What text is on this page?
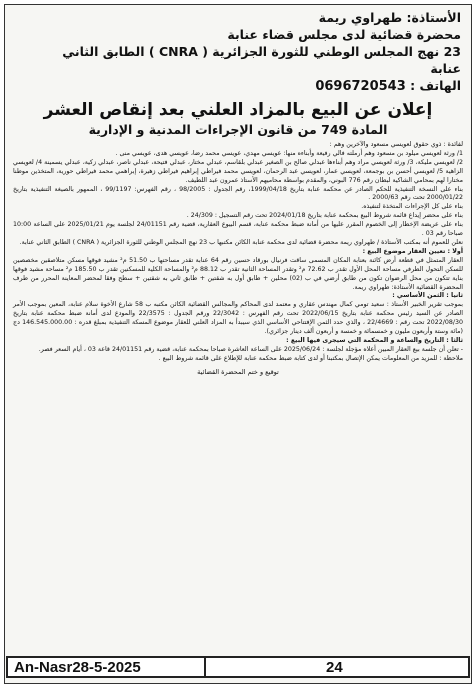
الأستاذة: طهراوي ريمة
محضرة قضائية لدى مجلس قضاء عنابة
23 نهج المجلس الوطني للثورة الجزائرية ( CNRA ) الطابق الثاني
عنابة
الهاتف : 0696720543
إعلان عن البيع بالمزاد العلني بعد إنقاص العشر
المادة 749 من قانون الإجراءات المدنية و الإدارية

لفائدة : ذوي حقوق لعويسي مسعود والآخرين وهم :

1/ ورثة لعويسي ميلود بن مسعود وهم أرملته فالي رفيعة وأبناءه منها: عويسي مهدي، عويسي محمد رضا، عويسي هدى، عويسي منى .

2/ لعويسي مليكة، 3/ ورثة لعويسي مراد وهم أبناءها عبدلي صالح بن الصغير عبدلي بلقاسم، عبدلي مختار، عبدلي فتيحة، عبدلي ناصر، عبدلي زكية، عبدلي يسمينة 4/ لعويسي الزاهية 5/ لعويسي أحسن بن بوجمعة، لعويسي عمار، لعويسي عبد الرحمان، لعويسي محمد فيراطي إبراهيم فيراطي زهيرة، إبراهمي محمد فيراطي حورية، المتخذين موطنا مختارا لهم بمحامي الشاكية لبطان رقم 776 البوني، والمقدم بواسطة محاميهم الأستاذ عمرون عبد اللطيف.

بناء على النسخة التنفيذية للحكم الصادر عن محكمة عنابة بتاريخ 1999/04/18، رقم الجدول : 98/2005 ، رقم الفهرس: 99/1197 ، الممهور بالصيغة التنفيذية بتاريخ 2000/01/22 تحت رقم 2000/63 .

بناء على كل الإجراءات المتخذة لتنفيذه.

بناء على محضر إيداع قائمة شروط البيع بمحكمة عنابة بتاريخ 2024/01/18 تحت رقم التسجيل : 24/309 .

بناء على عريضة الإخطار إلى الخصوم المقرر عليها من أمانة ضبط محكمة عنابة، قسم البيوع العقارية، قضية رقم 24/01151 لجلسة يوم 2025/01/21 على الساعة 10:00 صباحا رقم 03 .

نعلن للعموم أنه بمكتب الأستاذة / طهراوي ريمة محضرة قضائية لدى محكمة عنابة الكائن مكتبها ب 23 نهج المجلس الوطني للثورة الجزائرية ( CNRA ) الطابق الثاني عنابة.

أولا : تعيين العقار موضوع البيع :

العقار المتمثل في قطعة أرض كائنة بعنابة المكان المسمى ساقت فرنيال بورقاد حسين رقم 64 عنابة تقدر مساحتها ب 51.50 م² مشيد فوقها مسكن متلاصقين مخصصين للسكن التحول الطرفي مساحة المحل الأول تقدر ب 72.62 م² وتقدر المساحة الثانية تقدر ب 88.12 م² والمساحة الكلية للمسكنين تقدر ب 185.50 م² مساحة مشيد فوقها بناية تتكون من محل الرضوان تكون من طابق أرضي في ب (02) محلين + طابق أول به شقتين + طابق ثاني به شقتين + سطح وفقا لمحضر المعاينة المحرر من طرف المحضرة القضائية الأستاذة: طهراوي ريمة.

ثانيا : الثمن الأساسي :

بموجب تقرير الخبير الأستاذ : سعيد تومي كمال مهندس عقاري و معتمد لدى المحاكم والمجالس القضائية الكائن مكتبه ب 58 شارع الأخوة سلام عنابة، المعين بموجب الأمر الصادر عن السيد رئيس محكمة عنابة بتاريخ 2022/06/15 تحت رقم الفهرس : 22/3042 ورقم الجدول : 22/3575 والمودع لدى أمانة ضبط محكمة عنابة بتاريخ 2022/08/30 تحت رقم : 22/4669 ، والذي حدد الثمن الإفتتاحي الأساسي الذي سيبدأ به المزاد العلني للعقار موضوع المسكة التنفيذية بمبلغ قدره : 146.545.000.00 دج (مائة وستة وأربعون مليون و خمسمائة و خمسة و أربعون ألف دينار جزائري).

ثالثا : التاريخ والساعة و المحكمة التي سيجرى فيها البيع :

- تعلن أن جلسة بيع العقار المبين أعلاه مؤجلة لجلسة : 2025/06/24 على الساعة العاشرة صباحا بمحكمة عنابة، قضية رقم 24/01151 قاعة 03 ، أيام السعر فصر.

ملاحظة : للمزيد من المعلومات يمكن الإتصال بمكتبنا أو لدى كتابة ضبط محكمة عنابة للإطلاع على قائمة شروط البيع .

توقيع و ختم المحضرة القضائية
An-Nasr28-5-2025	24
